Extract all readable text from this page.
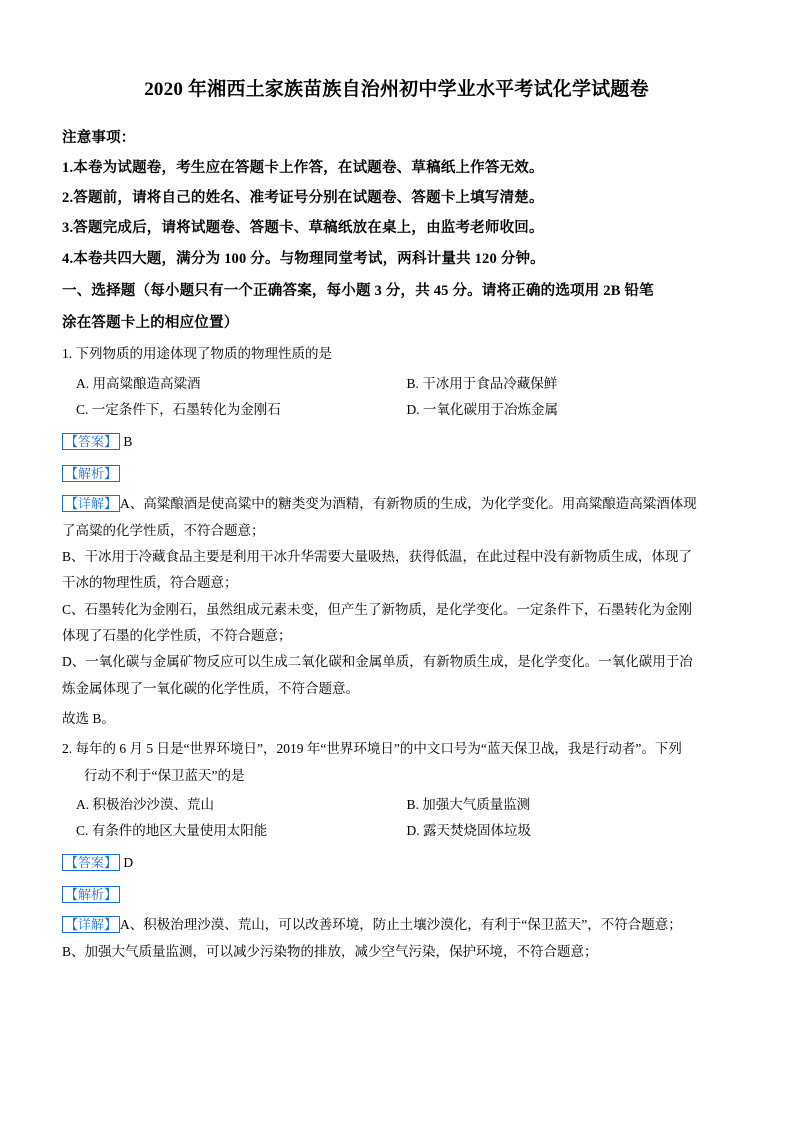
2020 年湘西土家族苗族自治州初中学业水平考试化学试题卷
注意事项：
1.本卷为试题卷，考生应在答题卡上作答，在试题卷、草稿纸上作答无效。
2.答题前，请将自己的姓名、准考证号分别在试题卷、答题卡上填写清楚。
3.答题完成后，请将试题卷、答题卡、草稿纸放在桌上，由监考老师收回。
4.本卷共四大题，满分为 100 分。与物理同堂考试，两科计量共 120 分钟。
一、选择题（每小题只有一个正确答案，每小题 3 分，共 45 分。请将正确的选项用 2B 铅笔
涂在答题卡上的相应位置）
1. 下列物质的用途体现了物质的物理性质的是
A. 用高粱酿造高粱酒	B. 干冰用于食品冷藏保鲜
C. 一定条件下，石墨转化为金刚石	D. 一氧化碳用于冶炼金属
【答案】 B
【解析】
【详解】 A、高粱酿酒是使高粱中的糖类变为酒精，有新物质的生成，为化学变化。用高粱酿造高粱酒体现
了高粱的化学性质，不符合题意；
B、干冰用于冷藏食品主要是利用干冰升华需要大量吸热，获得低温，在此过程中没有新物质生成，体现了
干冰的物理性质，符合题意；
C、石墨转化为金刚石，虽然组成元素未变，但产生了新物质，是化学变化。一定条件下，石墨转化为金刚
体现了石墨的化学性质，不符合题意；
D、一氧化碳与金属矿物反应可以生成二氧化碳和金属单质，有新物质生成，是化学变化。一氧化碳用于冶
炼金属体现了一氧化碳的化学性质，不符合题意。
故选 B。
2. 每年的 6 月 5 日是“世界环境日”，2019 年“世界环境日”的中文口号为“蓝天保卫战，我是行动者”。下列
行动不利于“保卫蓝天”的是
A. 积极治沙沙漠、荒山	B. 加强大气质量监测
C. 有条件的地区大量使用太阳能	D. 露天焚烧固体垃圾
【答案】 D
【解析】
【详解】 A、积极治理沙漠、荒山，可以改善环境，防止土壤沙漠化，有利于“保卫蓝天”，不符合题意；
B、加强大气质量监测，可以减少污染物的排放，减少空气污染，保护环境，不符合题意；
